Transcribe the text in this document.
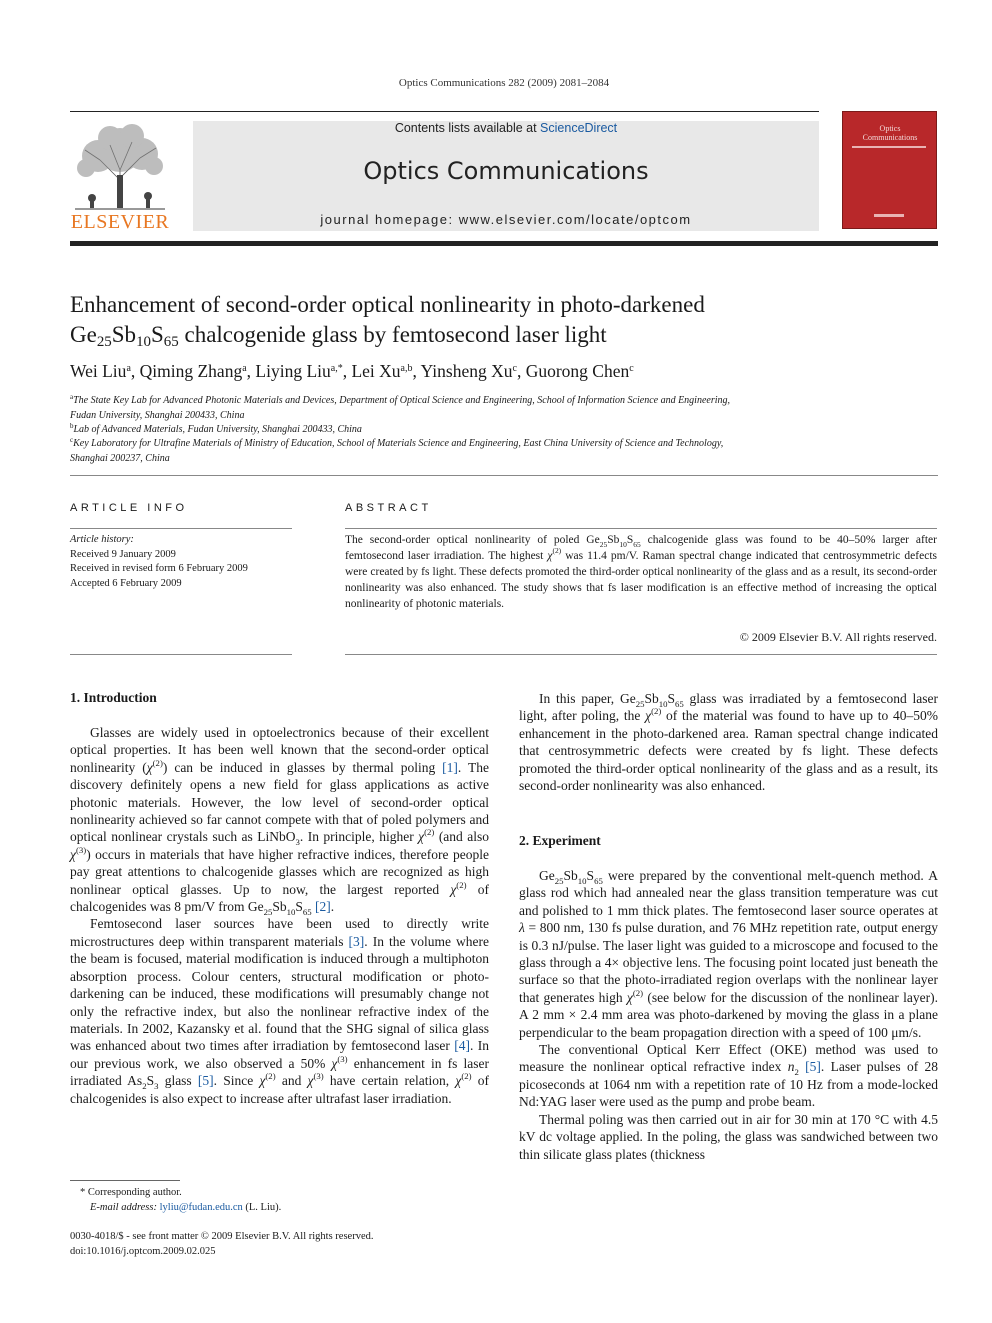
Optics Communications 282 (2009) 2081–2084
ELSEVIER
Contents lists available at ScienceDirect
Optics Communications
journal homepage: www.elsevier.com/locate/optcom
Optics
Communications
Enhancement of second-order optical nonlinearity in photo-darkened
$Ge_{25}Sb_{10}S_{65}$ chalcogenide glass by femtosecond laser light
Wei Liu$^a$, Qiming Zhang$^a$, Liying Liu$^{a,*}$, Lei Xu$^{a,b}$, Yinsheng Xu$^c$, Guorong Chen$^c$
$^a$The State Key Lab for Advanced Photonic Materials and Devices, Department of Optical Science and Engineering, School of Information Science and Engineering,
Fudan University, Shanghai 200433, China
$^b$Lab of Advanced Materials, Fudan University, Shanghai 200433, China
$^c$Key Laboratory for Ultrafine Materials of Ministry of Education, School of Materials Science and Engineering, East China University of Science and Technology,
Shanghai 200237, China
ARTICLE INFO
Article history:
Received 9 January 2009
Received in revised form 6 February 2009
Accepted 6 February 2009
ABSTRACT
The second-order optical nonlinearity of poled $Ge_{25}Sb_{10}S_{65}$ chalcogenide glass was found to be 40–50% larger after femtosecond laser irradiation. The highest $\chi^{(2)}$ was 11.4 pm/V. Raman spectral change indicated that centrosymmetric defects were created by fs light. These defects promoted the third-order optical nonlinearity of the glass and as a result, its second-order nonlinearity was also enhanced. The study shows that fs laser modification is an effective method of increasing the optical nonlinearity of photonic materials.
© 2009 Elsevier B.V. All rights reserved.
1. Introduction

Glasses are widely used in optoelectronics because of their excellent optical properties. It has been well known that the second-order optical nonlinearity $(\chi^{(2)})$ can be induced in glasses by thermal poling [1]. The discovery definitely opens a new field for glass applications as active photonic materials. However, the low level of second-order optical nonlinearity achieved so far cannot compete with that of poled polymers and optical nonlinear crystals such as LiNbO$_3$. In principle, higher $\chi^{(2)}$ (and also $\chi^{(3)}$) occurs in materials that have higher refractive indices, therefore people pay great attentions to chalcogenide glasses which are recognized as high nonlinear optical glasses. Up to now, the largest reported $\chi^{(2)}$ of chalcogenides was 8 pm/V from $Ge_{25}Sb_{10}S_{65}$ [2].

Femtosecond laser sources have been used to directly write microstructures deep within transparent materials [3]. In the volume where the beam is focused, material modification is induced through a multiphoton absorption process. Colour centers, structural modification or photo-darkening can be induced, these modifications will presumably change not only the refractive index, but also the nonlinear refractive index of the materials. In 2002, Kazansky et al. found that the SHG signal of silica glass was enhanced about two times after irradiation by femtosecond laser [4]. In our previous work, we also observed a 50% $\chi^{(3)}$ enhancement in fs laser irradiated $As_2S_3$ glass [5]. Since $\chi^{(2)}$ and $\chi^{(3)}$ have certain relation, $\chi^{(2)}$ of chalcogenides is also expect to increase after ultrafast laser irradiation.

* Corresponding author.
E-mail address: lyliu@fudan.edu.cn (L. Liu).
0030-4018/$ - see front matter © 2009 Elsevier B.V. All rights reserved.
doi:10.1016/j.optcom.2009.02.025

In this paper, $Ge_{25}Sb_{10}S_{65}$ glass was irradiated by a femtosecond laser light, after poling, the $\chi^{(2)}$ of the material was found to have up to 40–50% enhancement in the photo-darkened area. Raman spectral change indicated that centrosymmetric defects were created by fs light. These defects promoted the third-order optical nonlinearity of the glass and as a result, its second-order nonlinearity was also enhanced.

2. Experiment

$Ge_{25}Sb_{10}S_{65}$ were prepared by the conventional melt-quench method. A glass rod which had annealed near the glass transition temperature was cut and polished to 1 mm thick plates. The femtosecond laser source operates at λ = 800 nm, 130 fs pulse duration, and 76 MHz repetition rate, output energy is 0.3 nJ/pulse. The laser light was guided to a microscope and focused to the glass through a 4× objective lens. The focusing point located just beneath the surface so that the photo-irradiated region overlaps with the nonlinear layer that generates high $\chi^{(2)}$ (see below for the discussion of the nonlinear layer). A 2 mm × 2.4 mm area was photo-darkened by moving the glass in a plane perpendicular to the beam propagation direction with a speed of 100 μm/s.

The conventional Optical Kerr Effect (OKE) method was used to measure the nonlinear optical refractive index $n_2$ [5]. Laser pulses of 28 picoseconds at 1064 nm with a repetition rate of 10 Hz from a mode-locked Nd:YAG laser were used as the pump and probe beam.

Thermal poling was then carried out in air for 30 min at 170 °C with 4.5 kV dc voltage applied. In the poling, the glass was sandwiched between two thin silicate glass plates (thickness
